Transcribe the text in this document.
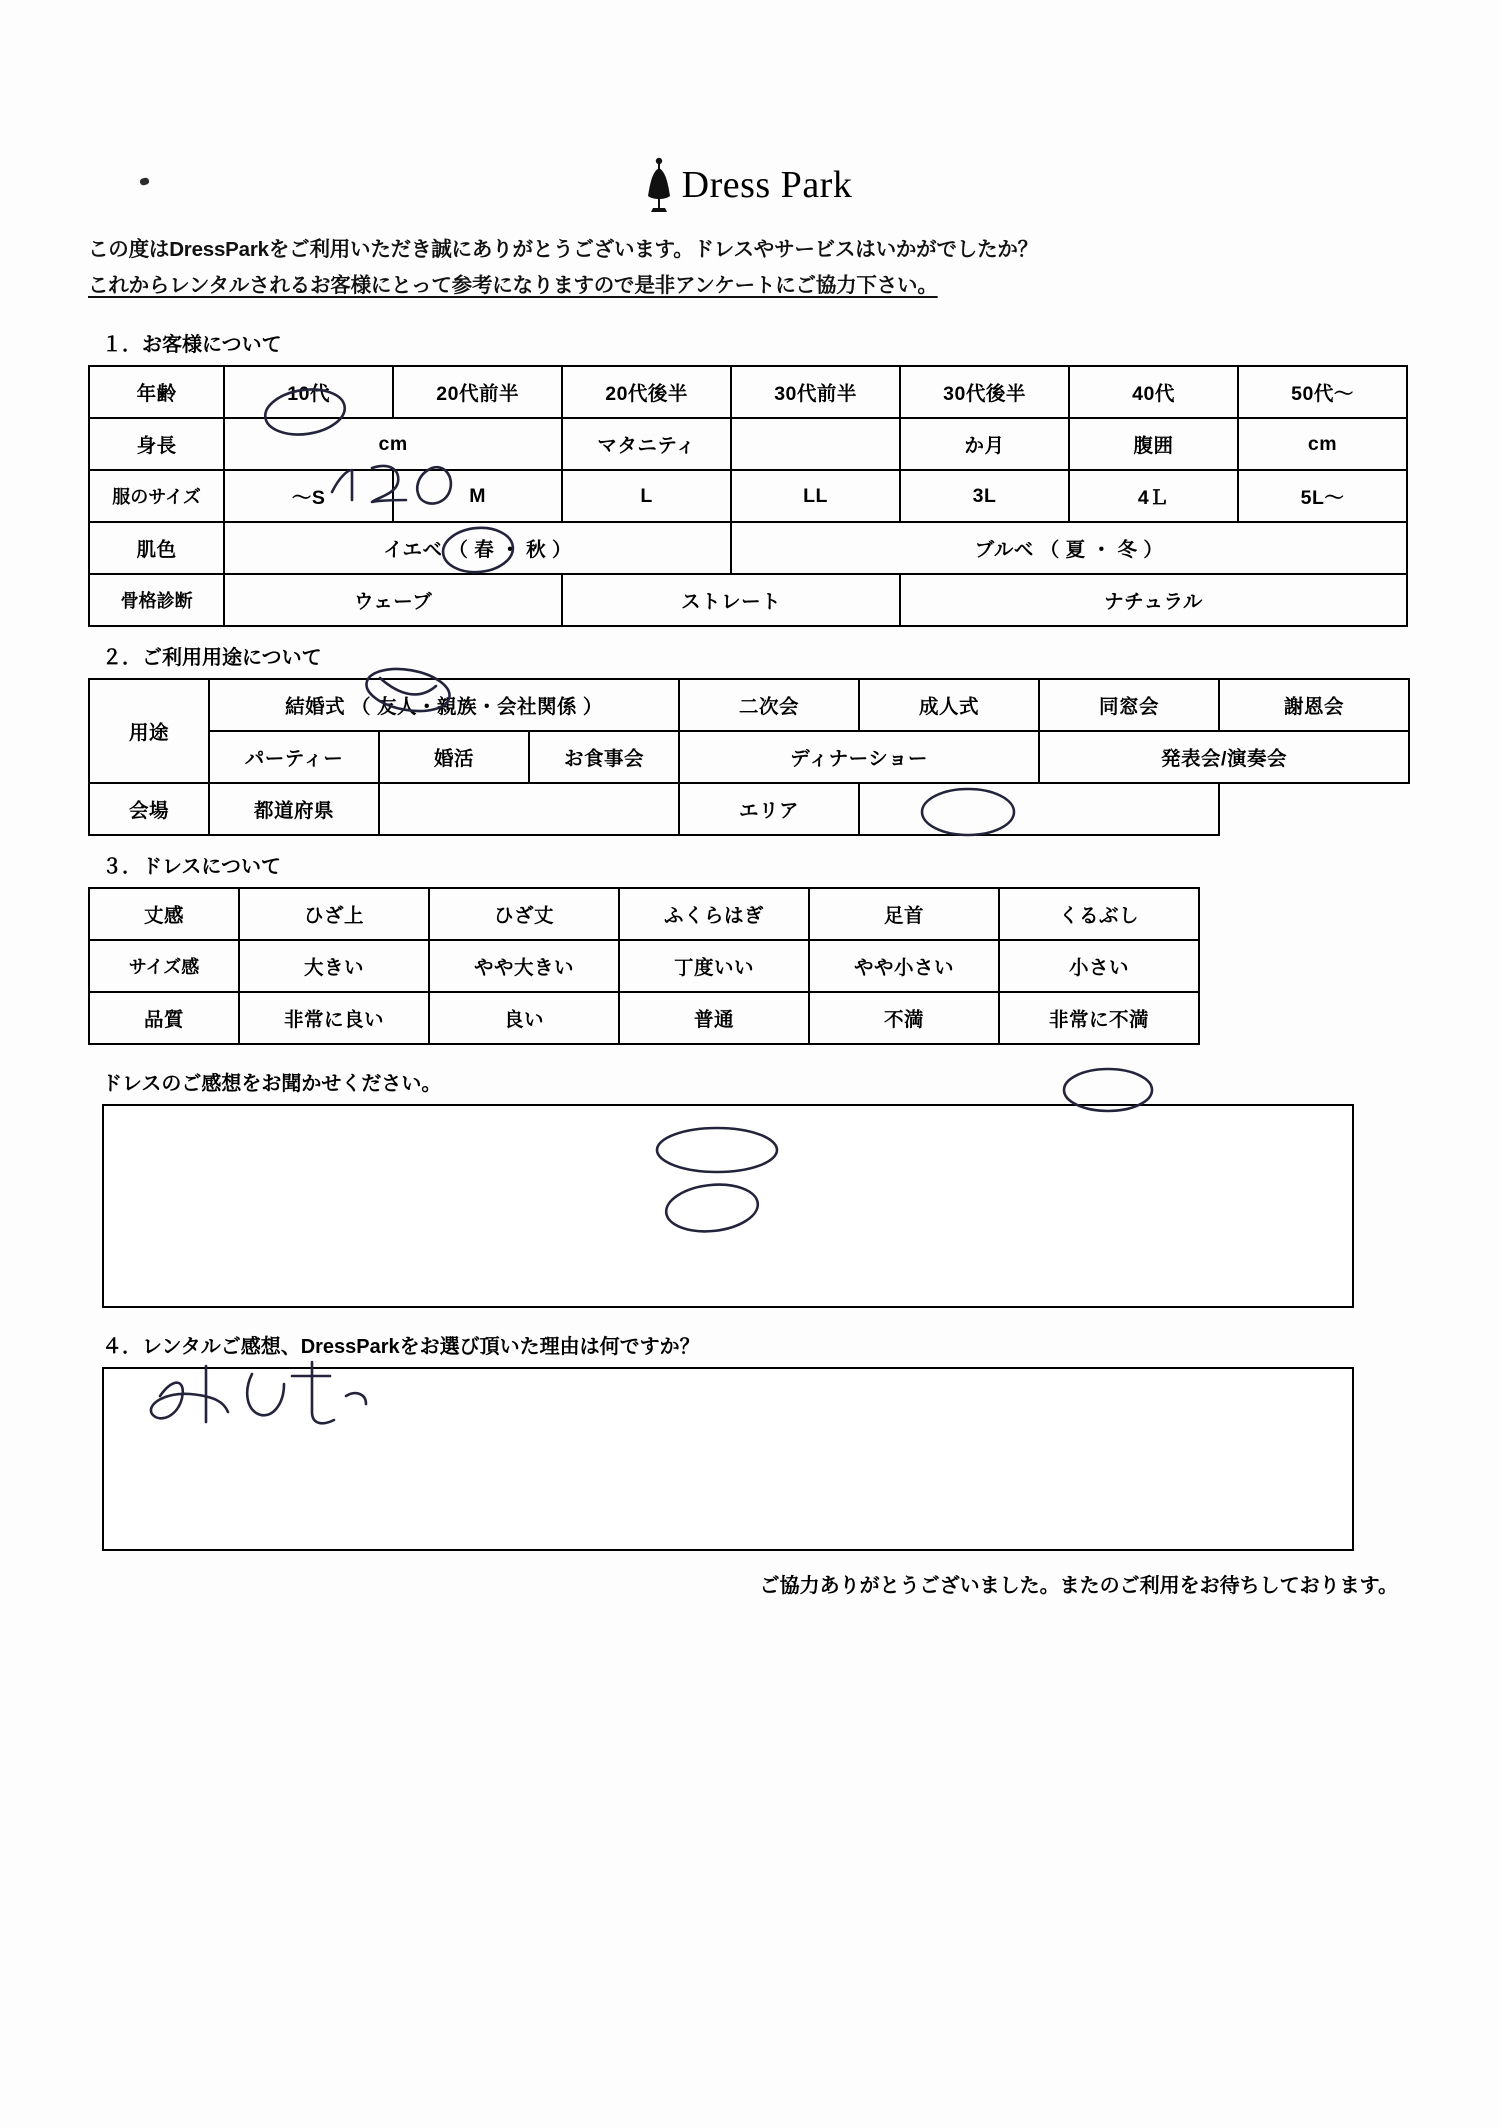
Dress Park
この度はDressParkをご利用いただき誠にありがとうございます。ドレスやサービスはいかがでしたか？
これからレンタルされるお客様にとって参考になりますので是非アンケートにご協力下さい。
１．お客様について
年齢	10代	20代前半	20代後半	30代前半	30代後半	40代	50代～
身長	cm		マタニティ		か月	腹囲	cm
服のサイズ	～S	M	L	LL	3L	4Ｌ	5L～
肌色	イエベ （ 春 ・ 秋 ）			ブルベ （ 夏 ・ 冬 ）			
骨格診断	ウェーブ		ストレート		ナチュラル		
２．ご利用用途について
用途	結婚式 （ 友人・親族・会社関係 ）			二次会	成人式	同窓会	謝恩会
	パーティー	婚活	お食事会	ディナーショー		発表会/演奏会	
会場	都道府県			エリア			
３．ドレスについて
丈感	ひざ上	ひざ丈	ふくらはぎ	足首	くるぶし
サイズ感	大きい	やや大きい	丁度いい	やや小さい	小さい
品質	非常に良い	良い	普通	不満	非常に不満
ドレスのご感想をお聞かせください。
４．レンタルご感想、DressParkをお選び頂いた理由は何ですか？
ご協力ありがとうございました。またのご利用をお待ちしております。
